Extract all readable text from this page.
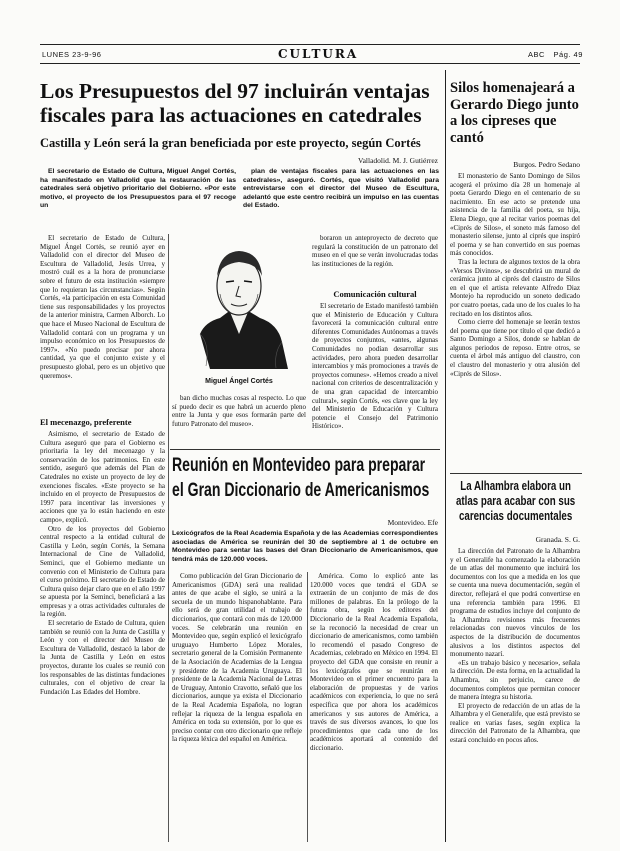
LUNES 23-9-96	CULTURA	ABC Pág. 49
Los Presupuestos del 97 incluirán ventajas
fiscales para las actuaciones en catedrales
Castilla y León será la gran beneficiada por este proyecto, según Cortés
Valladolid. M. J. Gutiérrez

El secretario de Estado de Cultura, Miguel Ángel Cortés, ha manifestado en Valladolid que la restauración de las catedrales será objetivo prioritario del Gobierno. «Por este motivo, el proyecto de los Presupuestos para el 97 recoge un

plan de ventajas fiscales para las actuaciones en las catedrales», aseguró. Cortés, que visitó Valladolid para entrevistarse con el director del Museo de Escultura, adelantó que este centro recibirá un impulso en las cuentas del Estado.

El secretario de Estado de Cultura, Miguel Ángel Cortés, se reunió ayer en Valladolid con el director del Museo de Escultura de Valladolid, Jesús Urrea, y mostró cuál es a la hora de pronunciarse sobre el futuro de esta institución «siempre que lo requieran las circunstancias». Según Cortés, «la participación en esta Comunidad tiene sus responsabilidades y los proyectos de la anterior ministra, Carmen Alborch. Lo que hace el Museo Nacional de Escultura de Valladolid contará con un programa y un impulso económico en los Presupuestos de 1997». «No puedo precisar por ahora cantidad, ya que el conjunto existe y el presupuesto global, pero es un objetivo que queremos».

El mecenazgo, preferente

Asimismo, el secretario de Estado de Cultura aseguró que para el Gobierno es prioritaria la ley del mecenazgo y la conservación de los patrimonios. En este sentido, aseguró que además del Plan de Catedrales no existe un proyecto de ley de exenciones fiscales. «Este proyecto se ha incluido en el proyecto de Presupuestos de 1997 para incentivar las inversiones y acciones que ya lo están haciendo en este campo», explicó.

Otro de los proyectos del Gobierno central respecto a la entidad cultural de Castilla y León, según Cortés, la Semana Internacional de Cine de Valladolid, Seminci, que el Gobierno mediante un convenio con el Ministerio de Cultura para el curso próximo. El secretario de Estado de Cultura quiso dejar claro que en el año 1997 se apuesta por la Seminci, beneficiará a las empresas y a otras actividades culturales de la región.

El secretario de Estado de Cultura, quien también se reunió con la Junta de Castilla y León y con el director del Museo de Escultura de Valladolid, destacó la labor de la Junta de Castilla y León en estos proyectos, durante los cuales se reunió con los responsables de las distintas fundaciones culturales, con el objetivo de crear la Fundación Las Edades del Hombre.

Miguel Ángel Cortés

ban dicho muchas cosas al respecto. Lo que sí puedo decir es que habrá un acuerdo pleno entre la Junta y que esos formarán parte del futuro Patronato del museo».

boraron un anteproyecto de decreto que regulará la constitución de un patronato del museo en el que se verán involucradas todas las instituciones de la región.

Comunicación cultural

El secretario de Estado manifestó también que el Ministerio de Educación y Cultura favorecerá la comunicación cultural entre diferentes Comunidades Autónomas a través de proyectos conjuntos, «antes, algunas Comunidades no podían desarrollar sus actividades, pero ahora pueden desarrollar intercambios y más promociones a través de proyectos comunes». «Hemos creado a nivel nacional con criterios de descentralización y de una gran capacidad de intercambio cultural», según Cortés, «es clave que la ley del Ministerio de Educación y Cultura potencie el Consejo del Patrimonio Histórico».

Reunión en Montevideo para preparar
el Gran Diccionario de Americanismos
Montevideo. Efe
Lexicógrafos de la Real Academia Española y de las Academias correspondientes asociadas de América se reunirán del 30 de septiembre al 1 de octubre en Montevideo para sentar las bases del Gran Diccionario de Americanismos, que tendrá más de 120.000 voces.

Como publicación del Gran Diccionario de Americanismos (GDA) será una realidad antes de que acabe el siglo, se unirá a la secuela de un mundo hispanohablante. Para ello será de gran utilidad el trabajo de diccionarios, que contará con más de 120.000 voces. Se celebrarán una reunión en Montevideo que, según explicó el lexicógrafo uruguayo Humberto López Morales, secretario general de la Comisión Permanente de la Asociación de Academias de la Lengua y presidente de la Academia Uruguaya. El presidente de la Academia Nacional de Letras de Uruguay, Antonio Cravotto, señaló que los diccionarios, aunque ya exista el Diccionario de la Real Academia Española, no logran reflejar la riqueza de la lengua española en América en toda su extensión, por lo que es preciso contar con otro diccionario que refleje la riqueza léxica del español en América.

América. Como lo explicó ante las 120.000 voces que tendrá el GDA se extraerán de un conjunto de más de dos millones de palabras. En la prólogo de la futura obra, según los editores del Diccionario de la Real Academia Española, se la reconoció la necesidad de crear un diccionario de americanismos, como también lo recomendó el pasado Congreso de Academias, celebrado en México en 1994. El proyecto del GDA que consiste en reunir a los lexicógrafos que se reunirán en Montevideo en el primer encuentro para la elaboración de propuestas y de varios académicos con experiencia, lo que no será específica que por ahora los académicos americanos y sus autores de América, a través de sus diversos avances, lo que los procedimientos que cada uno de los académicos aportará al contenido del diccionario.

Silos homenajeará a Gerardo Diego junto a los cipreses que cantó
Burgos. Pedro Sedano

El monasterio de Santo Domingo de Silos acogerá el próximo día 28 un homenaje al poeta Gerardo Diego en el centenario de su nacimiento. En ese acto se pretende una asistencia de la familia del poeta, su hija, Elena Diego, que al recitar varios poemas del «Ciprés de Silos», el soneto más famoso del monasterio silense, junto al ciprés que inspiró el poema y se han convertido en sus poemas más conocidos.

Tras la lectura de algunos textos de la obra «Versos Divinos», se descubrirá un mural de cerámica junto al ciprés del claustro de Silos en el que el artista relevante Alfredo Diaz Montejo ha reproducido un soneto dedicado por cuatro poetas, cada uno de los cuales lo ha recitado en los distintos años.

Como cierre del homenaje se leerán textos del poema que tiene por título el que dedicó a Santo Domingo a Silos, donde se hablan de algunos periodos de reposo. Entre otros, se cuenta el árbol más antiguo del claustro, con el claustro del monasterio y otra alusión del «Ciprés de Silos».

La Alhambra elabora un atlas para acabar con sus carencias documentales
Granada. S. G.

La dirección del Patronato de la Alhambra y el Generalife ha comenzado la elaboración de un atlas del monumento que incluirá los documentos con los que a medida en los que se cuenta una nueva documentación, según el director, reflejará el que podrá convertirse en una referencia también para 1996. El programa de estudios incluye del conjunto de la Alhambra revisiones más frecuentes relacionadas con nuevos vínculos de los aspectos de la distribución de documentos alusivos a los distintos aspectos del monumento nazarí.

«Es un trabajo básico y necesario», señala la dirección. De esta forma, en la actualidad la Alhambra, sin perjuicio, carece de documentos completos que permitan conocer de manera íntegra su historia.

El proyecto de redacción de un atlas de la Alhambra y el Generalife, que está previsto se realice en varias fases, según explica la dirección del Patronato de la Alhambra, que estará concluido en pocos años.
